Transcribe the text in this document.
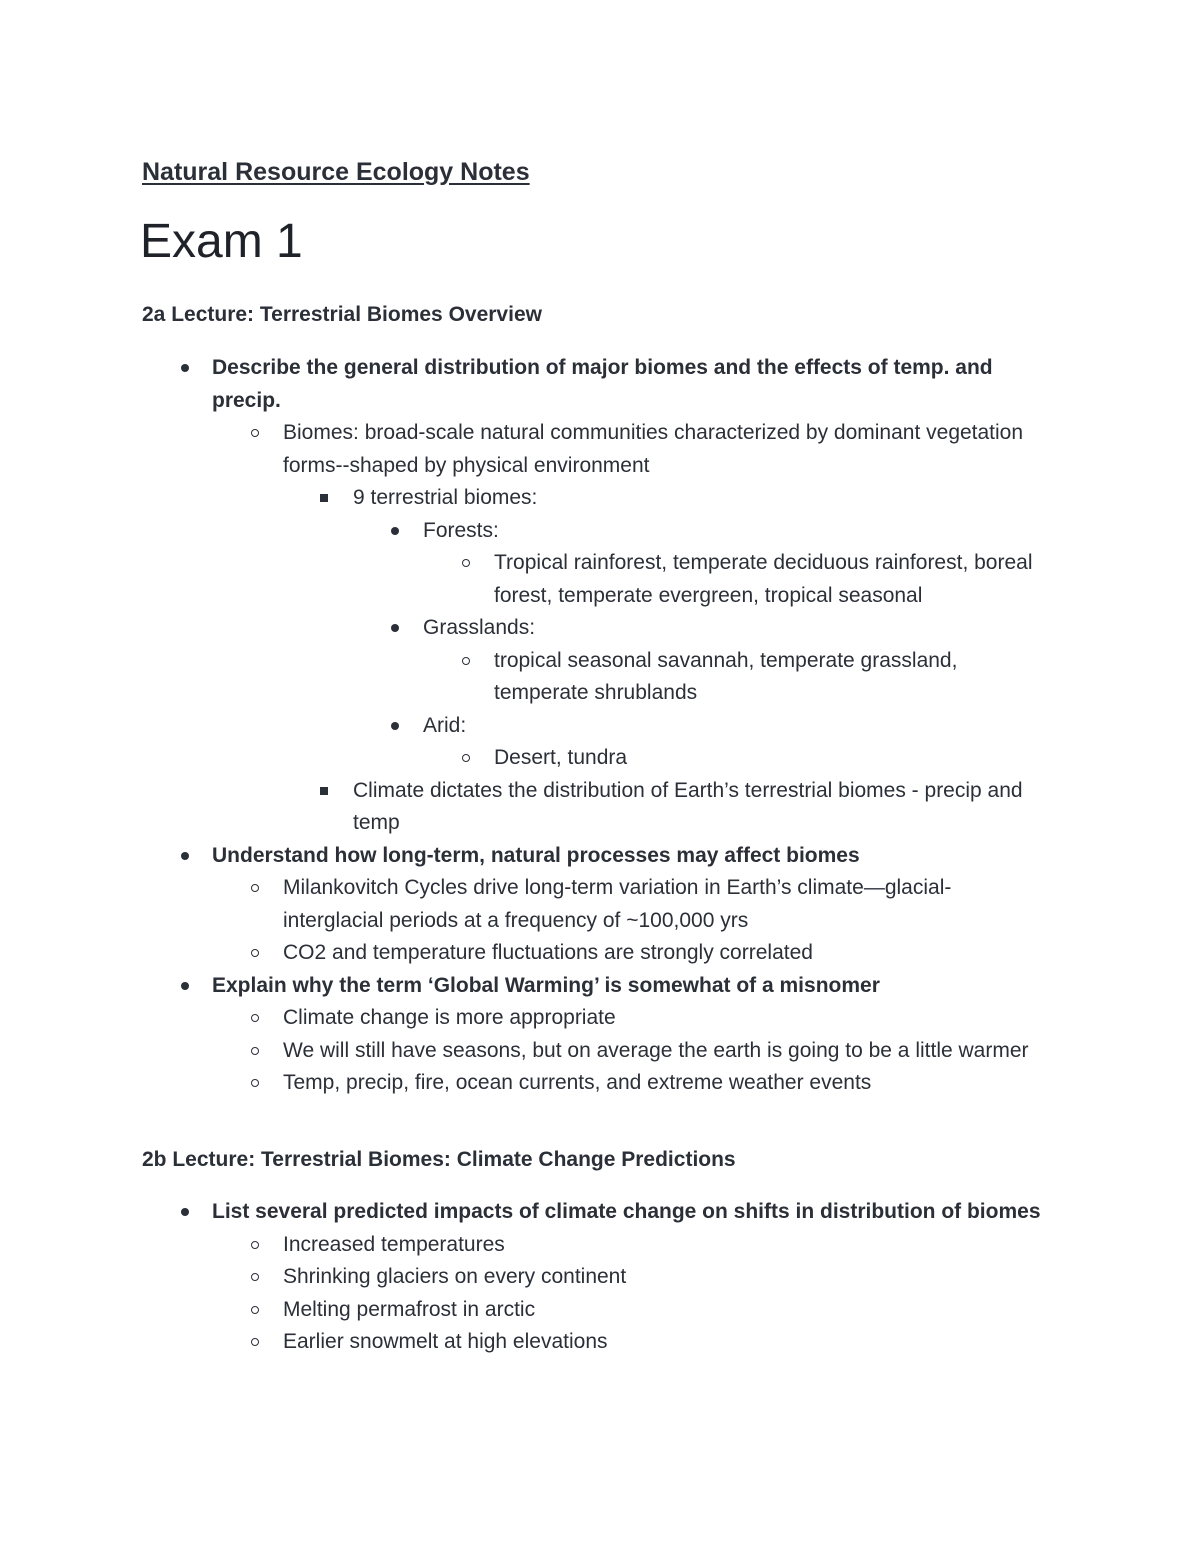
Natural Resource Ecology Notes
Exam 1
2a Lecture: Terrestrial Biomes Overview
Describe the general distribution of major biomes and the effects of temp. and precip.
Biomes: broad-scale natural communities characterized by dominant vegetation forms--shaped by physical environment
9 terrestrial biomes:
Forests:
Tropical rainforest, temperate deciduous rainforest, boreal forest, temperate evergreen, tropical seasonal
Grasslands:
tropical seasonal savannah, temperate grassland, temperate shrublands
Arid:
Desert, tundra
Climate dictates the distribution of Earth’s terrestrial biomes - precip and temp
Understand how long-term, natural processes may affect biomes
Milankovitch Cycles drive long-term variation in Earth’s climate—glacial-interglacial periods at a frequency of ~100,000 yrs
CO2 and temperature fluctuations are strongly correlated
Explain why the term ‘Global Warming’ is somewhat of a misnomer
Climate change is more appropriate
We will still have seasons, but on average the earth is going to be a little warmer
Temp, precip, fire, ocean currents, and extreme weather events
2b Lecture: Terrestrial Biomes: Climate Change Predictions
List several predicted impacts of climate change on shifts in distribution of biomes
Increased temperatures
Shrinking glaciers on every continent
Melting permafrost in arctic
Earlier snowmelt at high elevations
